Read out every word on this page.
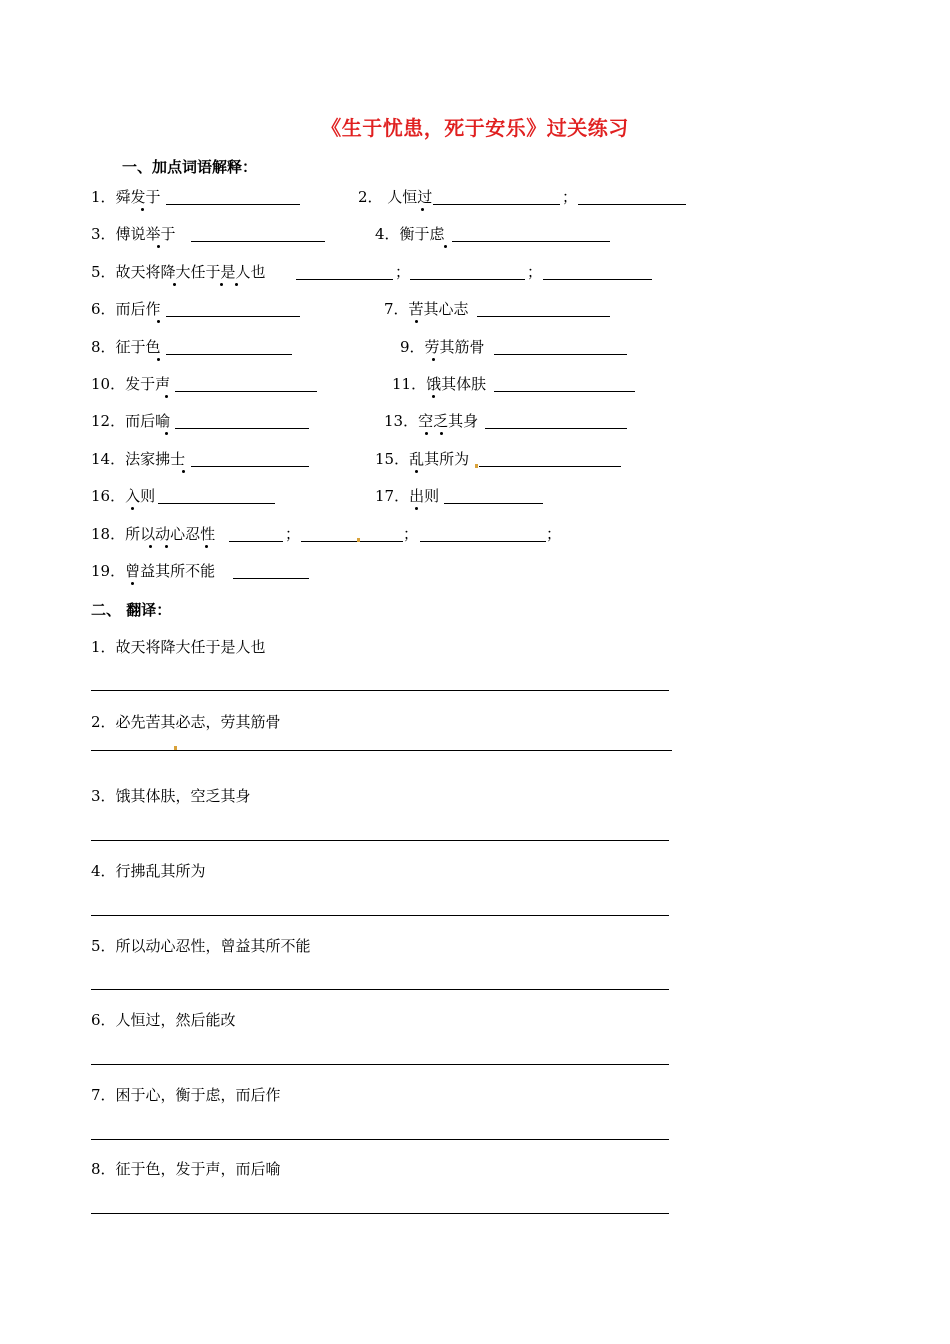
《生于忧患，死于安乐》过关练习
一、加点词语解释：
1．舜发于	2． 人恒过	；
3．傅说举于	4．衡于虑
5．故天将降大任于是人也	；	；
6．而后作	7．苦其心志
8．征于色	9．劳其筋骨
10．发于声	11．饿其体肤
12．而后喻	13．空乏其身
14．法家拂士	15．乱其所为
16．入则	17．出则
18．所以动心忍性	；	；	；
19．曾益其所不能
二、 翻译：
1．故天将降大任于是人也
2．必先苦其必志，劳其筋骨
3．饿其体肤，空乏其身
4．行拂乱其所为
5．所以动心忍性，曾益其所不能
6．人恒过，然后能改
7．困于心，衡于虑，而后作
8．征于色，发于声，而后喻
